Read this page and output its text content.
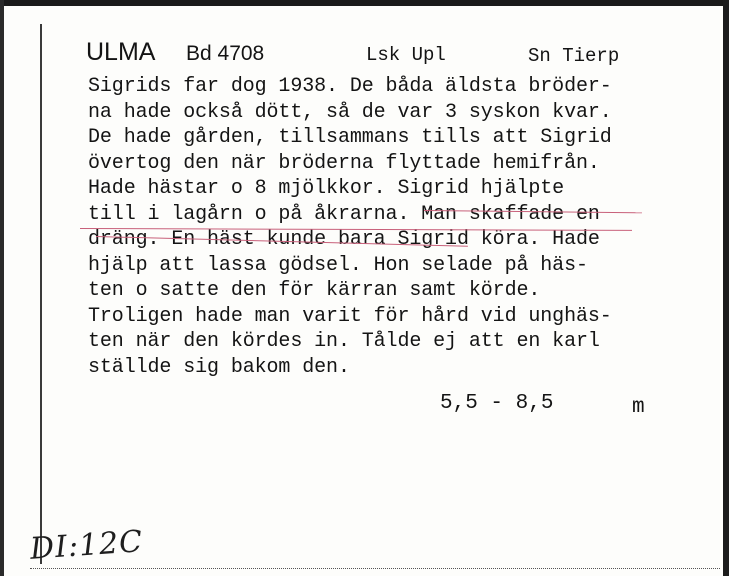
ULMA Bd 4708	Lsk Upl	Sn Tierp
Sigrids far dog 1938. De båda äldsta bröder-
na hade också dött, så de var 3 syskon kvar.
De hade gården, tillsammans tills att Sigrid
övertog den när bröderna flyttade hemifrån.
Hade hästar o 8 mjölkkor. Sigrid hjälpte
till i lagårn o på åkrarna. Man skaffade en
dräng. En häst kunde bara Sigrid köra. Hade
hjälp att lassa gödsel. Hon selade på häs-
ten o satte den för kärran samt körde.
Troligen hade man varit för hård vid unghäs-
ten när den kördes in. Tålde ej att en karl
ställde sig bakom den.
5,5 - 8,5	m
DI:12C
